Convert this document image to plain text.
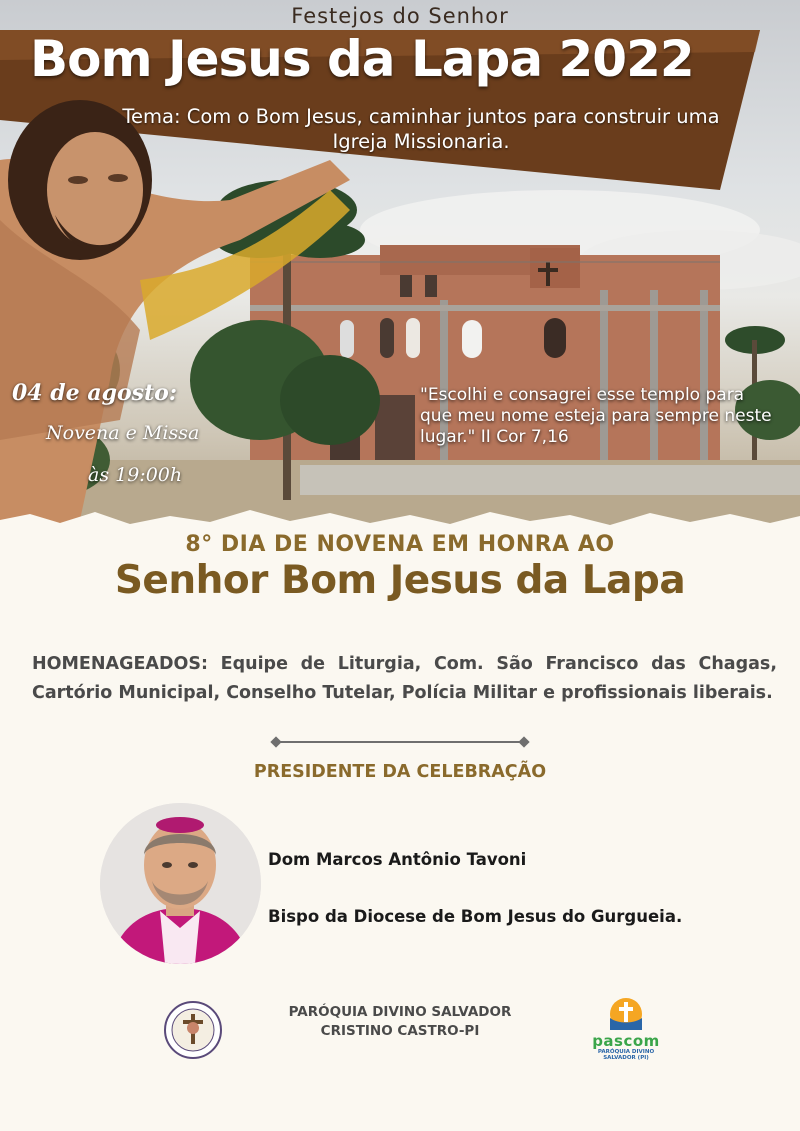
Festejos do Senhor
Bom Jesus da Lapa 2022
Tema: Com o Bom Jesus, caminhar juntos para construir uma Igreja Missionaria.
04 de agosto:
Novena e Missa
às 19:00h
"Escolhi e consagrei esse templo para que meu nome esteja para sempre neste lugar." II Cor 7,16
8° DIA DE NOVENA EM HONRA AO
Senhor Bom Jesus da Lapa
HOMENAGEADOS: Equipe de Liturgia, Com. São Francisco das Chagas, Cartório Municipal, Conselho Tutelar, Polícia Militar e profissionais liberais.
PRESIDENTE DA CELEBRAÇÃO
Dom Marcos Antônio Tavoni
Bispo da Diocese de Bom Jesus do Gurgueia.
PARÓQUIA DIVINO SALVADOR
CRISTINO CASTRO-PI
pascom
PARÓQUIA DIVINO SALVADOR (PI)
